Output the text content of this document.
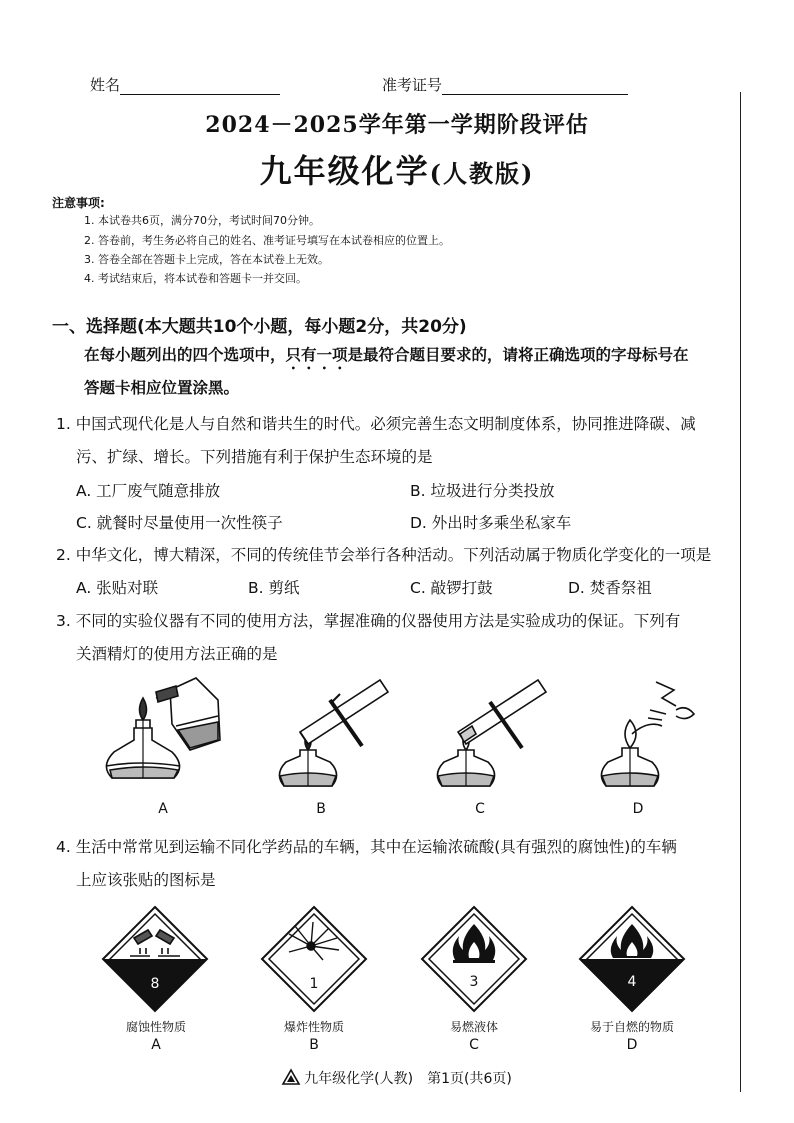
姓名	准考证号
2024－2025学年第一学期阶段评估
九年级化学(人教版)
注意事项:
1. 本试卷共6页，满分70分，考试时间70分钟。
2. 答卷前，考生务必将自己的姓名、准考证号填写在本试卷相应的位置上。
3. 答卷全部在答题卡上完成，答在本试卷上无效。
4. 考试结束后，将本试卷和答题卡一并交回。
一、选择题(本大题共10个小题，每小题2分，共20分)
在每小题列出的四个选项中，只有一项是最符合题目要求的，请将正确选项的字母标号在
答题卡相应位置涂黑。
1. 中国式现代化是人与自然和谐共生的时代。必须完善生态文明制度体系，协同推进降碳、减
污、扩绿、增长。下列措施有利于保护生态环境的是
A. 工厂废气随意排放	B. 垃圾进行分类投放
C. 就餐时尽量使用一次性筷子	D. 外出时多乘坐私家车
2. 中华文化，博大精深，不同的传统佳节会举行各种活动。下列活动属于物质化学变化的一项是
A. 张贴对联	B. 剪纸	C. 敲锣打鼓	D. 焚香祭祖
3. 不同的实验仪器有不同的使用方法，掌握准确的仪器使用方法是实验成功的保证。下列有
关酒精灯的使用方法正确的是
A	B	C	D
4. 生活中常常见到运输不同化学药品的车辆，其中在运输浓硫酸(具有强烈的腐蚀性)的车辆
上应该张贴的图标是
8
腐蚀性物质
A
1
爆炸性物质
B
3
易燃液体
C
4
易于自燃的物质
D
九年级化学(人教)　第1页(共6页)
